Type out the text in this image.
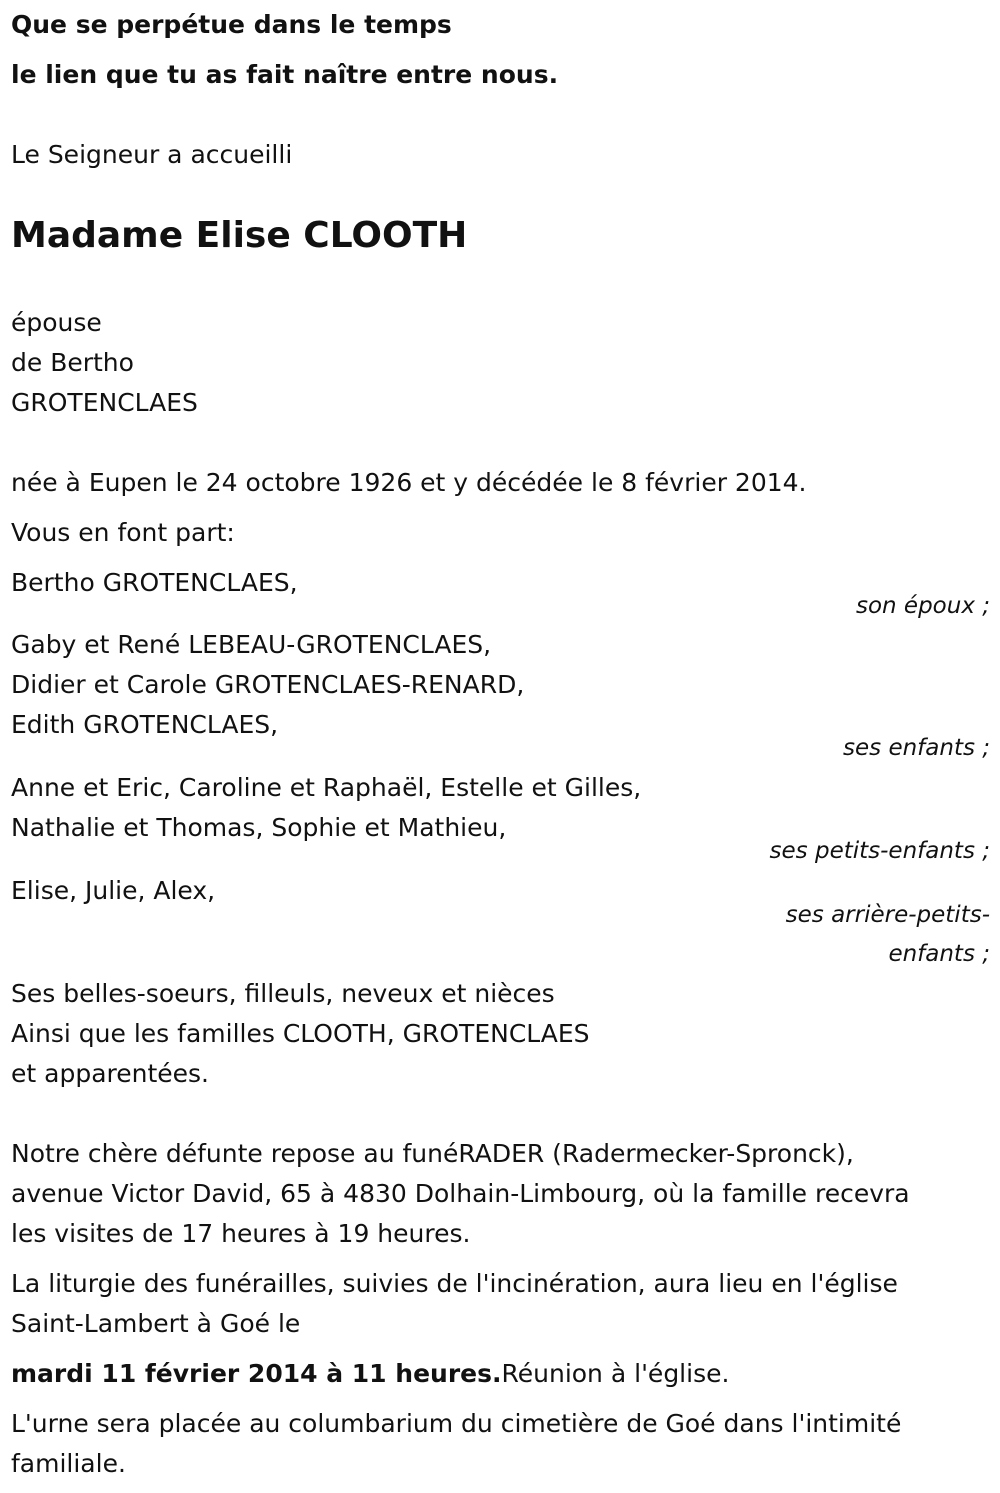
Que se perpétue dans le temps
le lien que tu as fait naître entre nous.
Le Seigneur a accueilli
Madame Elise CLOOTH
épouse
de Bertho
GROTENCLAES
née à Eupen le 24 octobre 1926 et y décédée le 8 février 2014.
Vous en font part:
Bertho GROTENCLAES,
son époux ;
Gaby et René LEBEAU-GROTENCLAES,
Didier et Carole GROTENCLAES-RENARD,
Edith GROTENCLAES,
ses enfants ;
Anne et Eric, Caroline et Raphaël, Estelle et Gilles,
Nathalie et Thomas, Sophie et Mathieu,
ses petits-enfants ;
Elise, Julie, Alex,
ses arrière-petits-
enfants ;
Ses belles-soeurs, filleuls, neveux et nièces
Ainsi que les familles CLOOTH, GROTENCLAES
et apparentées.
Notre chère défunte repose au funéRADER (Radermecker-Spronck),
avenue Victor David, 65 à 4830 Dolhain-Limbourg, où la famille recevra
les visites de 17 heures à 19 heures.
La liturgie des funérailles, suivies de l'incinération, aura lieu en l'église
Saint-Lambert à Goé le
mardi 11 février 2014 à 11 heures.Réunion à l'église.
L'urne sera placée au columbarium du cimetière de Goé dans l'intimité
familiale.
